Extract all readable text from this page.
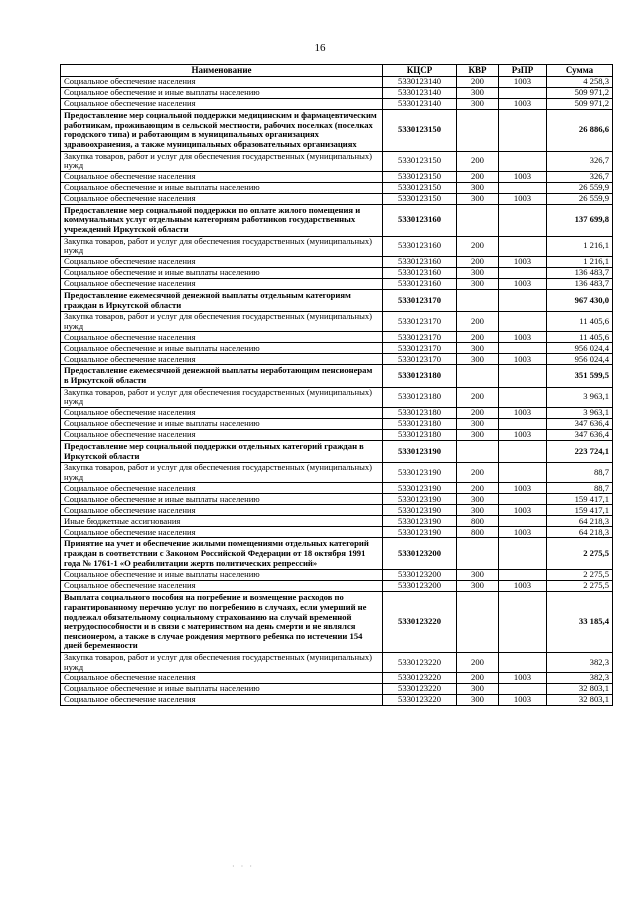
16
Наименование	КЦСР	КВР	РзПР	Сумма
Социальное обеспечение населения	5330123140	200	1003	4 258,3
Социальное обеспечение и иные выплаты населению	5330123140	300		509 971,2
Социальное обеспечение населения	5330123140	300	1003	509 971,2
Предоставление мер социальной поддержки медицинским и фармацевтическим работникам, проживающим в сельской местности, рабочих поселках (поселках городского типа) и работающим в муниципальных организациях здравоохранения, а также муниципальных образовательных организациях	5330123150			26 886,6
Закупка товаров, работ и услуг для обеспечения государственных (муниципальных) нужд	5330123150	200		326,7
Социальное обеспечение населения	5330123150	200	1003	326,7
Социальное обеспечение и иные выплаты населению	5330123150	300		26 559,9
Социальное обеспечение населения	5330123150	300	1003	26 559,9
Предоставление мер социальной поддержки по оплате жилого помещения и коммунальных услуг отдельным категориям работников государственных учреждений Иркутской области	5330123160			137 699,8
Закупка товаров, работ и услуг для обеспечения государственных (муниципальных) нужд	5330123160	200		1 216,1
Социальное обеспечение населения	5330123160	200	1003	1 216,1
Социальное обеспечение и иные выплаты населению	5330123160	300		136 483,7
Социальное обеспечение населения	5330123160	300	1003	136 483,7
Предоставление ежемесячной денежной выплаты отдельным категориям граждан в Иркутской области	5330123170			967 430,0
Закупка товаров, работ и услуг для обеспечения государственных (муниципальных) нужд	5330123170	200		11 405,6
Социальное обеспечение населения	5330123170	200	1003	11 405,6
Социальное обеспечение и иные выплаты населению	5330123170	300		956 024,4
Социальное обеспечение населения	5330123170	300	1003	956 024,4
Предоставление ежемесячной денежной выплаты неработающим пенсионерам в Иркутской области	5330123180			351 599,5
Закупка товаров, работ и услуг для обеспечения государственных (муниципальных) нужд	5330123180	200		3 963,1
Социальное обеспечение населения	5330123180	200	1003	3 963,1
Социальное обеспечение и иные выплаты населению	5330123180	300		347 636,4
Социальное обеспечение населения	5330123180	300	1003	347 636,4
Предоставление мер социальной поддержки отдельных категорий граждан в Иркутской области	5330123190			223 724,1
Закупка товаров, работ и услуг для обеспечения государственных (муниципальных) нужд	5330123190	200		88,7
Социальное обеспечение населения	5330123190	200	1003	88,7
Социальное обеспечение и иные выплаты населению	5330123190	300		159 417,1
Социальное обеспечение населения	5330123190	300	1003	159 417,1
Иные бюджетные ассигнования	5330123190	800		64 218,3
Социальное обеспечение населения	5330123190	800	1003	64 218,3
Принятие на учет и обеспечение жилыми помещениями отдельных категорий граждан в соответствии с Законом Российской Федерации от 18 октября 1991 года № 1761-1 «О реабилитации жертв политических репрессий»	5330123200			2 275,5
Социальное обеспечение и иные выплаты населению	5330123200	300		2 275,5
Социальное обеспечение населения	5330123200	300	1003	2 275,5
Выплата социального пособия на погребение и возмещение расходов по гарантированному перечню услуг по погребению в случаях, если умерший не подлежал обязательному социальному страхованию на случай временной нетрудоспособности и в связи с материнством на день смерти и не являлся пенсионером, а также в случае рождения мертвого ребенка по истечении 154 дней беременности	5330123220			33 185,4
Закупка товаров, работ и услуг для обеспечения государственных (муниципальных) нужд	5330123220	200		382,3
Социальное обеспечение населения	5330123220	200	1003	382,3
Социальное обеспечение и иные выплаты населению	5330123220	300		32 803,1
Социальное обеспечение населения	5330123220	300	1003	32 803,1
· · ·
